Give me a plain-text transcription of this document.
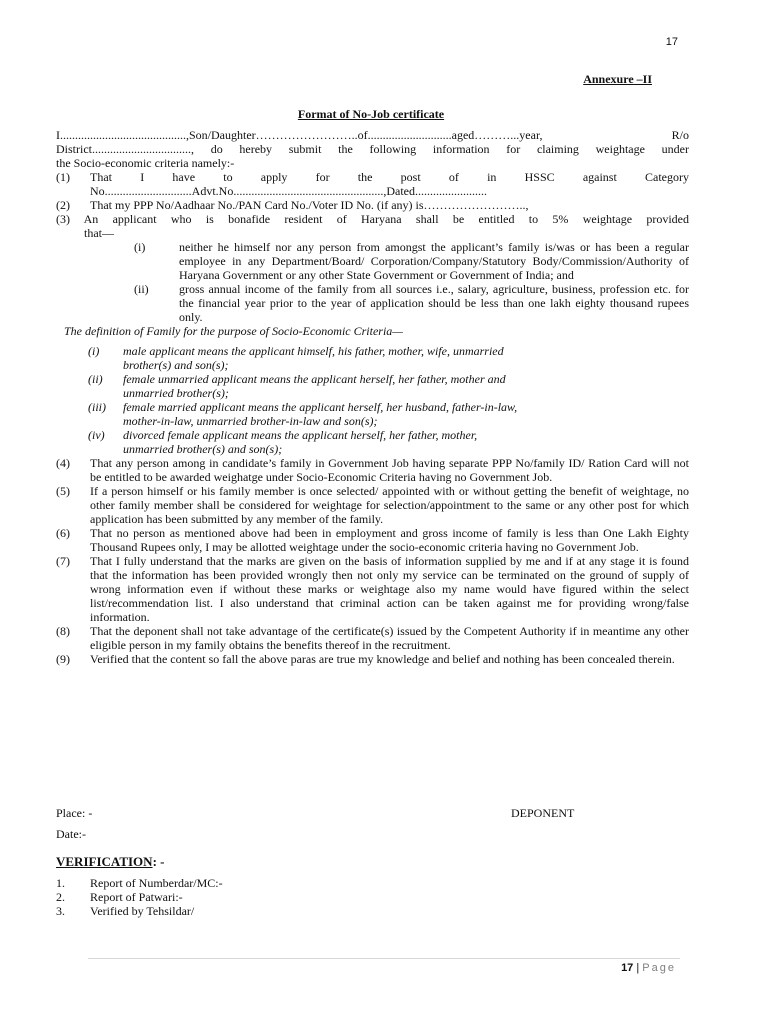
17
Annexure –II
Format of No-Job certificate

I..........................................,Son/Daughter……………………..of............................aged………...year, R/o

District................................., do hereby submit the following information for claiming weightage under

the Socio-economic criteria namely:-

(1)	That I have to apply for the post of in HSSC against Category
No.............................Advt.No..................................................,Dated........................
(2)	That my PPP No/Aadhaar No./PAN Card No./Voter ID No. (if any) is……………………..,

(3) An applicant who is bonafide resident of Haryana shall be entitled to 5% weightage provided

that—

(i)	neither he himself nor any person from amongst the applicant’s family is/was or has been a regular employee in any Department/Board/ Corporation/Company/Statutory Body/Commission/Authority of Haryana Government or any other State Government or Government of India; and
(ii)	gross annual income of the family from all sources i.e., salary, agriculture, business, profession etc. for the financial year prior to the year of application should be less than one lakh eighty thousand rupees only.

The definition of Family for the purpose of Socio-Economic Criteria—

(i)	male applicant means the applicant himself, his father, mother, wife, unmarried
brother(s) and son(s);
(ii)	female unmarried applicant means the applicant herself, her father, mother and
unmarried brother(s);
(iii)	female married applicant means the applicant herself, her husband, father-in-law,
mother-in-law, unmarried brother-in-law and son(s);
(iv)	divorced female applicant means the applicant herself, her father, mother,
unmarried brother(s) and son(s);
(4)	That any person among in candidate’s family in Government Job having separate PPP No/family ID/ Ration Card will not be entitled to be awarded weighatge under Socio-Economic Criteria having no Government Job.
(5)	If a person himself or his family member is once selected/ appointed with or without getting the benefit of weightage, no other family member shall be considered for weightage for selection/appointment to the same or any other post for which application has been submitted by any member of the family.
(6)	That no person as mentioned above had been in employment and gross income of family is less than One Lakh Eighty Thousand Rupees only, I may be allotted weightage under the socio-economic criteria having no Government Job.
(7)	That I fully understand that the marks are given on the basis of information supplied by me and if at any stage it is found that the information has been provided wrongly then not only my service can be terminated on the ground of supply of wrong information even if without these marks or weightage also my name would have figured within the select list/recommendation list. I also understand that criminal action can be taken against me for providing wrong/false information.
(8)	That the deponent shall not take advantage of the certificate(s) issued by the Competent Authority if in meantime any other eligible person in my family obtains the benefits thereof in the recruitment.
(9)	Verified that the content so fall the above paras are true my knowledge and belief and nothing has been concealed therein.
Place: -	DEPONENT
Date:-
VERIFICATION: -
1.	Report of Numberdar/MC:-
2.	Report of Patwari:-
3.	Verified by Tehsildar/
17 | Page
